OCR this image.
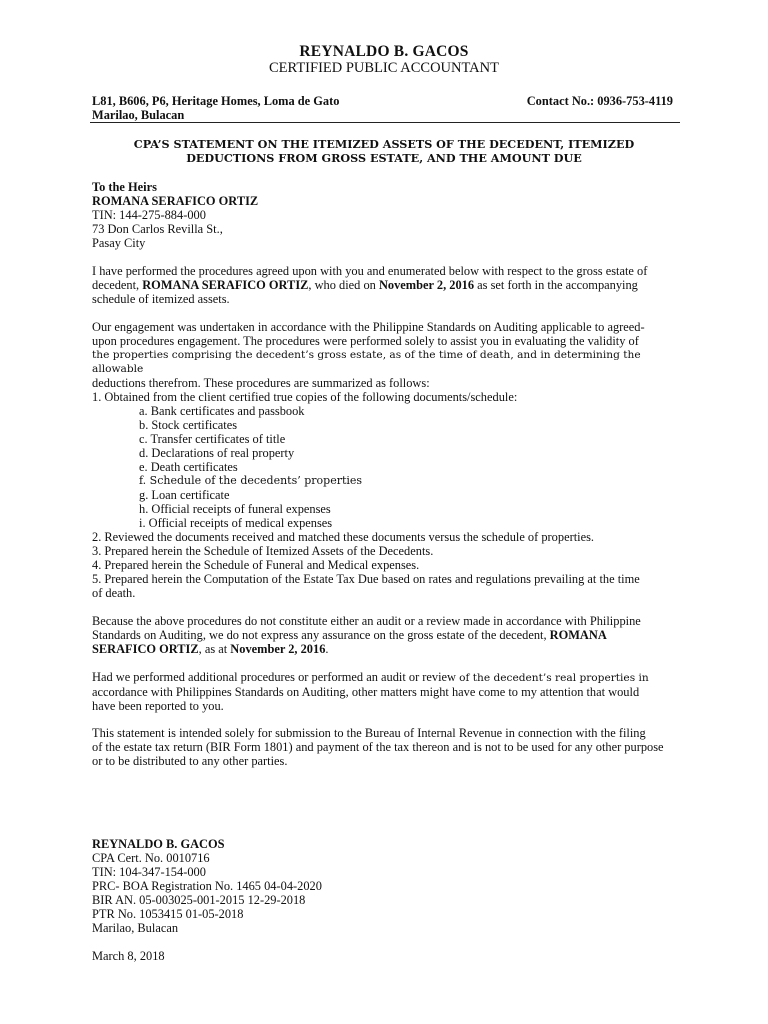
REYNALDO B. GACOS
CERTIFIED PUBLIC ACCOUNTANT
L81, B606, P6, Heritage Homes, Loma de Gato
Marilao, Bulacan
Contact No.: 0936-753-4119
CPA’S STATEMENT ON THE ITEMIZED ASSETS OF THE DECEDENT, ITEMIZED
DEDUCTIONS FROM GROSS ESTATE, AND THE AMOUNT DUE
To the Heirs
ROMANA SERAFICO ORTIZ
TIN: 144-275-884-000
73 Don Carlos Revilla St.,
Pasay City
I have performed the procedures agreed upon with you and enumerated below with respect to the gross estate of
decedent, ROMANA SERAFICO ORTIZ, who died on November 2, 2016 as set forth in the accompanying
schedule of itemized assets.
Our engagement was undertaken in accordance with the Philippine Standards on Auditing applicable to agreed-
upon procedures engagement. The procedures were performed solely to assist you in evaluating the validity of
the properties comprising the decedent’s gross estate, as of the time of death, and in determining the allowable
deductions therefrom. These procedures are summarized as follows:
1. Obtained from the client certified true copies of the following documents/schedule:
a. Bank certificates and passbook
b. Stock certificates
c. Transfer certificates of title
d. Declarations of real property
e. Death certificates
f. Schedule of the decedents’ properties
g. Loan certificate
h. Official receipts of funeral expenses
i. Official receipts of medical expenses
2. Reviewed the documents received and matched these documents versus the schedule of properties.
3. Prepared herein the Schedule of Itemized Assets of the Decedents.
4. Prepared herein the Schedule of Funeral and Medical expenses.
5. Prepared herein the Computation of the Estate Tax Due based on rates and regulations prevailing at the time
of death.
Because the above procedures do not constitute either an audit or a review made in accordance with Philippine
Standards on Auditing, we do not express any assurance on the gross estate of the decedent, ROMANA
SERAFICO ORTIZ, as at November 2, 2016.
Had we performed additional procedures or performed an audit or review of the decedent’s real properties in
accordance with Philippines Standards on Auditing, other matters might have come to my attention that would
have been reported to you.
This statement is intended solely for submission to the Bureau of Internal Revenue in connection with the filing
of the estate tax return (BIR Form 1801) and payment of the tax thereon and is not to be used for any other purpose
or to be distributed to any other parties.
REYNALDO B. GACOS
CPA Cert. No. 0010716
TIN: 104-347-154-000
PRC- BOA Registration No. 1465 04-04-2020
BIR AN. 05-003025-001-2015 12-29-2018
PTR No. 1053415 01-05-2018
Marilao, Bulacan
March 8, 2018
